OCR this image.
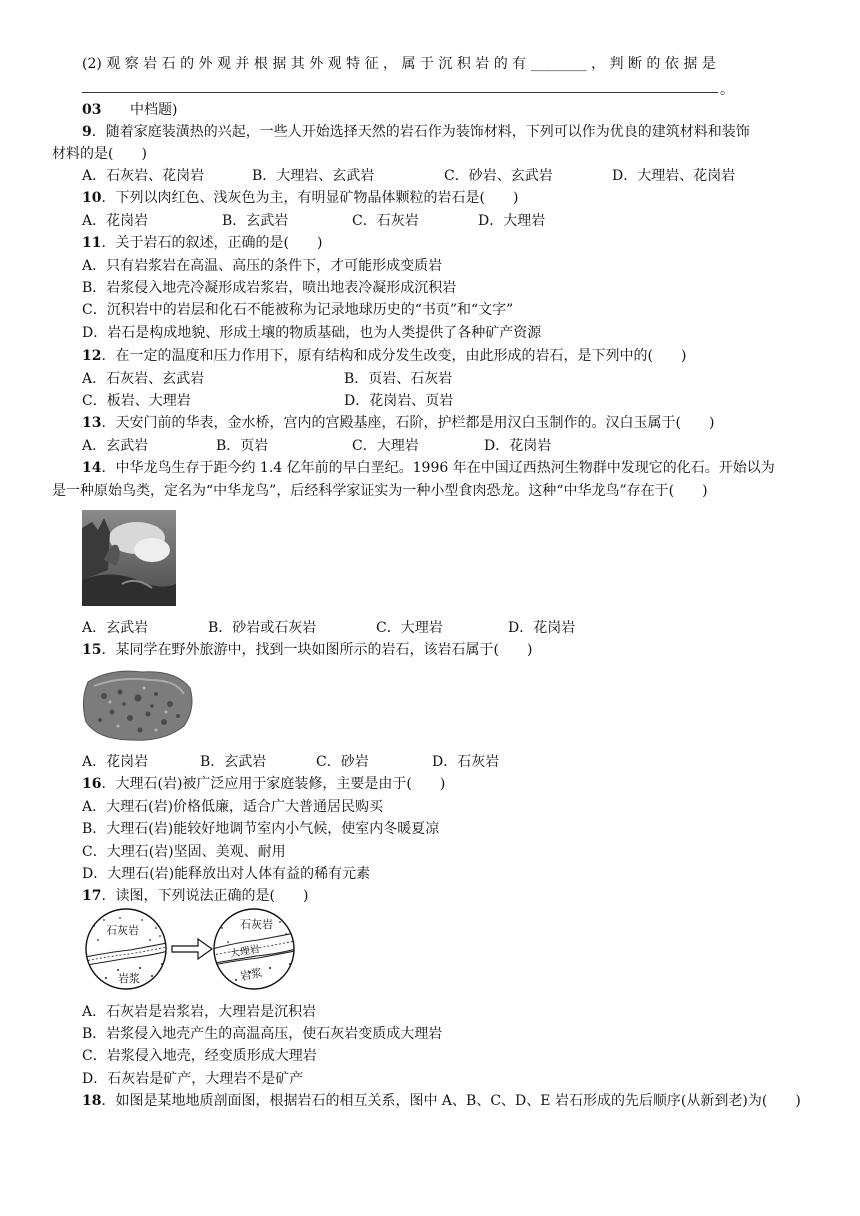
(2) 观 察 岩 石 的 外 观 并 根 据 其 外 观 特 征 ， 属 于 沉 积 岩 的 有 ________ ， 判 断 的 依 据 是
。
03 中档题)
9．随着家庭装潢热的兴起，一些人开始选择天然的岩石作为装饰材料，下列可以作为优良的建筑材料和装饰
材料的是(　　)
A．石灰岩、花岗岩	B．大理岩、玄武岩	C．砂岩、玄武岩	D．大理岩、花岗岩
10．下列以肉红色、浅灰色为主，有明显矿物晶体颗粒的岩石是(　　)
A．花岗岩	B．玄武岩	C．石灰岩	D．大理岩
11．关于岩石的叙述，正确的是(　　)
A．只有岩浆岩在高温、高压的条件下，才可能形成变质岩
B．岩浆侵入地壳冷凝形成岩浆岩，喷出地表冷凝形成沉积岩
C．沉积岩中的岩层和化石不能被称为记录地球历史的“书页”和“文字”
D．岩石是构成地貌、形成土壤的物质基础，也为人类提供了各种矿产资源
12．在一定的温度和压力作用下，原有结构和成分发生改变，由此形成的岩石，是下列中的(　　)
A．石灰岩、玄武岩	B．页岩、石灰岩
C．板岩、大理岩	D．花岗岩、页岩
13．天安门前的华表，金水桥，宫内的宫殿基座，石阶，护栏都是用汉白玉制作的。汉白玉属于(　　)
A．玄武岩	B．页岩	C．大理岩	D．花岗岩
14．中华龙鸟生存于距今约 1.4 亿年前的早白垩纪。1996 年在中国辽西热河生物群中发现它的化石。开始以为
是一种原始鸟类，定名为“中华龙鸟”，后经科学家证实为一种小型食肉恐龙。这种“中华龙鸟”存在于(　　)
A．玄武岩	B．砂岩或石灰岩	C．大理岩	D．花岗岩
15．某同学在野外旅游中，找到一块如图所示的岩石，该岩石属于(　　)
A．花岗岩	B．玄武岩	C．砂岩	D．石灰岩
16．大理石(岩)被广泛应用于家庭装修，主要是由于(　　)
A．大理石(岩)价格低廉，适合广大普通居民购买
B．大理石(岩)能较好地调节室内小气候，使室内冬暖夏凉
C．大理石(岩)坚固、美观、耐用
D．大理石(岩)能释放出对人体有益的稀有元素
17．读图，下列说法正确的是(　　)
石灰岩
岩浆
石灰岩
大理岩
岩浆
A．石灰岩是岩浆岩，大理岩是沉积岩
B．岩浆侵入地壳产生的高温高压，使石灰岩变质成大理岩
C．岩浆侵入地壳，经变质形成大理岩
D．石灰岩是矿产，大理岩不是矿产
18．如图是某地地质剖面图，根据岩石的相互关系，图中 A、B、C、D、E 岩石形成的先后顺序(从新到老)为(　　)
